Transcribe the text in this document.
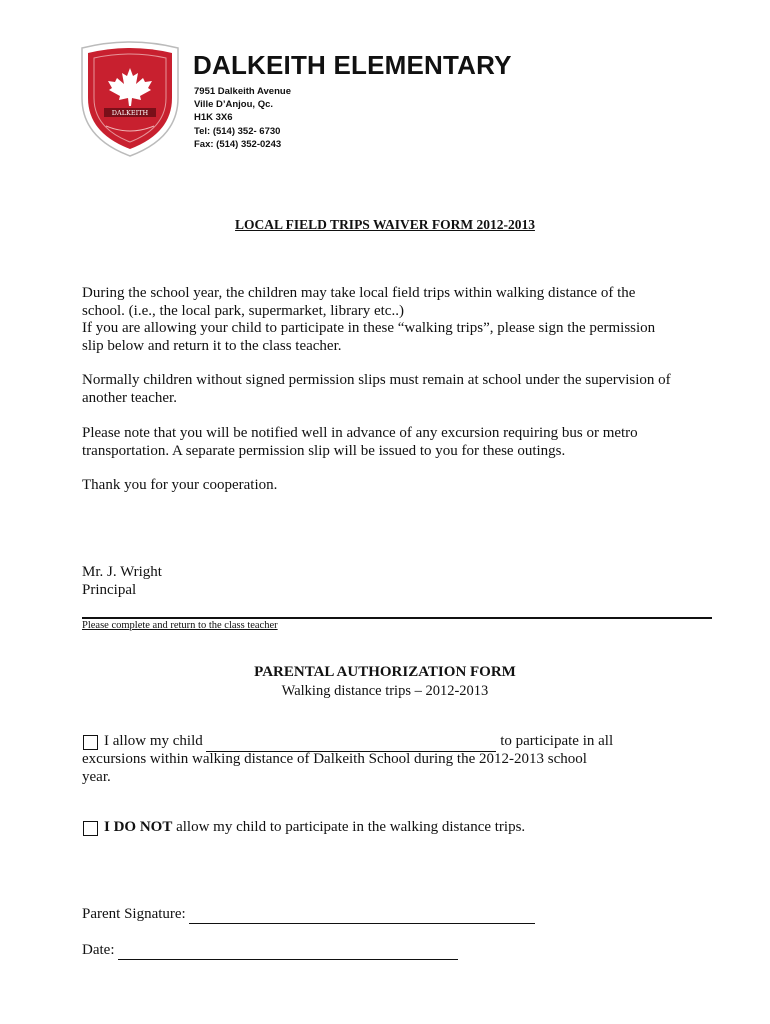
DALKEITH
DALKEITH ELEMENTARY
7951 Dalkeith Avenue
Ville D’Anjou, Qc.
H1K 3X6
Tel: (514) 352- 6730
Fax: (514) 352-0243
LOCAL FIELD TRIPS WAIVER FORM 2012-2013
During the school year, the children may take local field trips within walking distance of the
school. (i.e., the local park, supermarket, library etc..)
If you are allowing your child to participate in these “walking trips”, please sign the permission
slip below and return it to the class teacher.
Normally children without signed permission slips must remain at school under the supervision of
another teacher.
Please note that you will be notified well in advance of any excursion requiring bus or metro
transportation. A separate permission slip will be issued to you for these outings.
Thank you for your cooperation.
Mr. J. Wright
Principal
Please complete and return to the class teacher
PARENTAL AUTHORIZATION FORM
Walking distance trips – 2012-2013
I allow my child	to participate in all
excursions within walking distance of Dalkeith School during the 2012-2013 school
year.
I DO NOT allow my child to participate in the walking distance trips.
Parent Signature:
Date:
